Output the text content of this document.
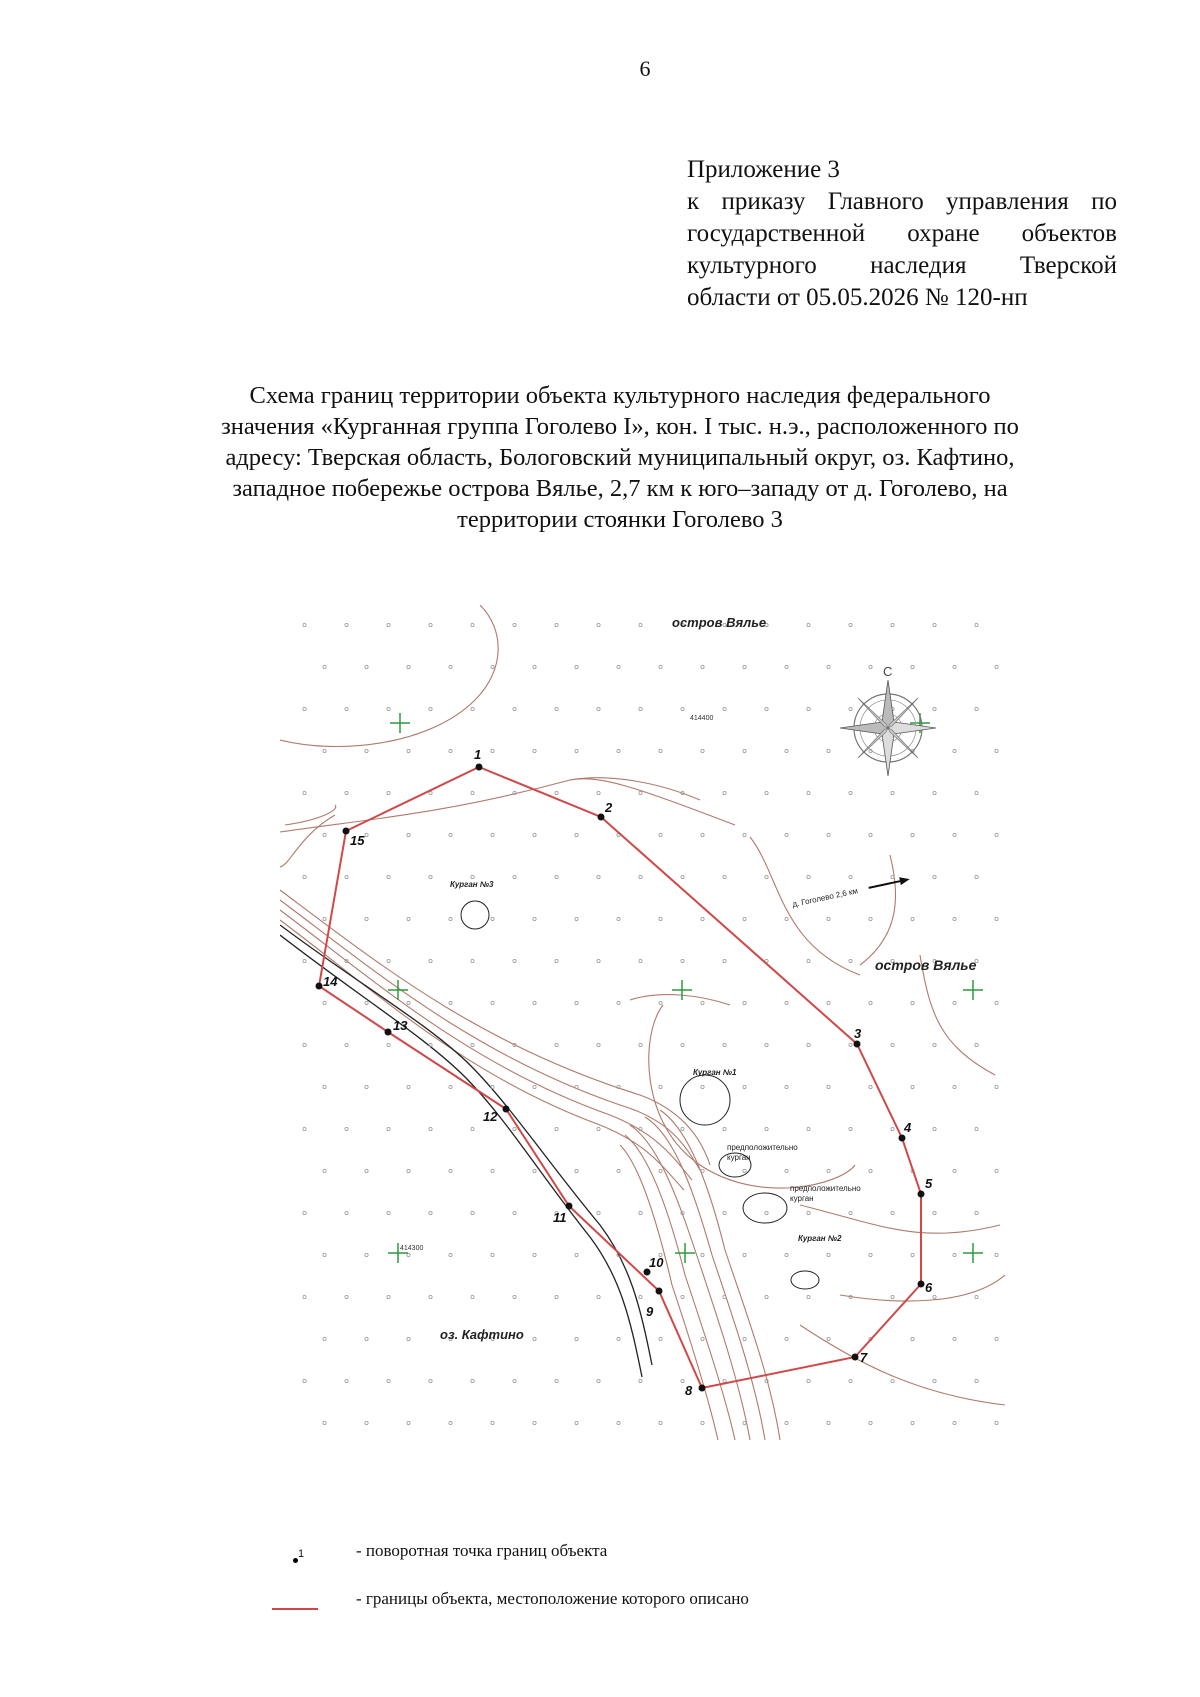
6
Приложение 3
к приказу Главного управления по
государственной охране объектов
культурного наследия Тверской
области от 05.05.2026 № 120-нп
Схема границ территории объекта культурного наследия федерального
значения «Курганная группа Гоголево I», кон. I тыс. н.э., расположенного по
адресу: Тверская область, Бологовский муниципальный округ, оз. Кафтино,
западное побережье острова Вялье, 2,7 км к юго–западу от д. Гоголево, на
территории стоянки Гоголево 3
414400
414300
1
2
3
4
5
6
7
8
9
10
11
12
13
14
15
остров Вялье
остров Вялье
оз. Кафтино
д. Гоголево 2,6 км
Курган №3
Курган №1
Курган №2
предположительно
курган
предположительно
курган
С
1	- поворотная точка границ объекта
- границы объекта, местоположение которого описано
